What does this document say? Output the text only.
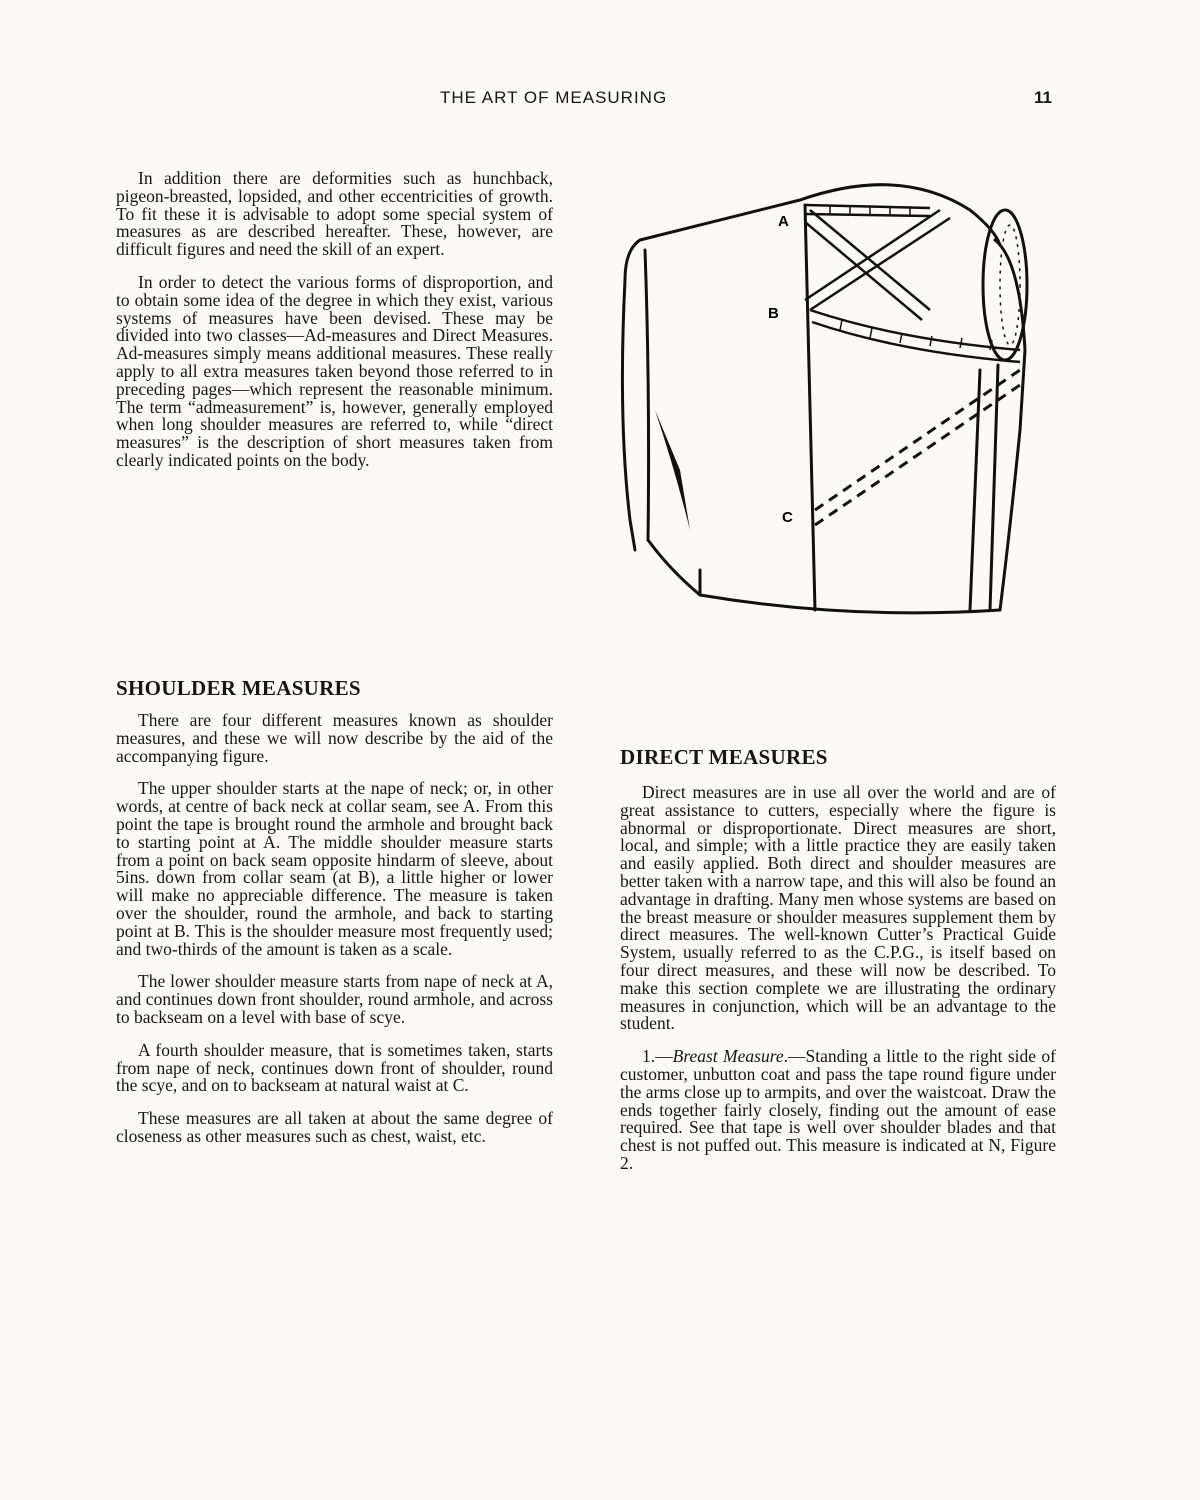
THE ART OF MEASURING	11

In addition there are deformities such as hunchback, pigeon-breasted, lopsided, and other eccentricities of growth. To fit these it is advisable to adopt some special system of measures as are described hereafter. These, however, are difficult figures and need the skill of an expert.

In order to detect the various forms of disproportion, and to obtain some idea of the degree in which they exist, various systems of measures have been devised. These may be divided into two classes—Ad-measures and Direct Measures. Ad-measures simply means additional measures. These really apply to all extra measures taken beyond those referred to in preceding pages—which represent the reasonable minimum. The term “admeasurement” is, however, generally employed when long shoulder measures are referred to, while “direct measures” is the description of short measures taken from clearly indicated points on the body.

A
B
C
SHOULDER MEASURES

There are four different measures known as shoulder measures, and these we will now describe by the aid of the accompanying figure.

The upper shoulder starts at the nape of neck; or, in other words, at centre of back neck at collar seam, see A. From this point the tape is brought round the armhole and brought back to starting point at A. The middle shoulder measure starts from a point on back seam opposite hindarm of sleeve, about 5ins. down from collar seam (at B), a little higher or lower will make no appreciable difference. The measure is taken over the shoulder, round the armhole, and back to starting point at B. This is the shoulder measure most frequently used; and two-thirds of the amount is taken as a scale.

The lower shoulder measure starts from nape of neck at A, and continues down front shoulder, round armhole, and across to backseam on a level with base of scye.

A fourth shoulder measure, that is sometimes taken, starts from nape of neck, continues down front of shoulder, round the scye, and on to backseam at natural waist at C.

These measures are all taken at about the same degree of closeness as other measures such as chest, waist, etc.

DIRECT MEASURES

Direct measures are in use all over the world and are of great assistance to cutters, especially where the figure is abnormal or disproportionate. Direct measures are short, local, and simple; with a little practice they are easily taken and easily applied. Both direct and shoulder measures are better taken with a narrow tape, and this will also be found an advantage in drafting. Many men whose systems are based on the breast measure or shoulder measures supplement them by direct measures. The well-known Cutter’s Practical Guide System, usually referred to as the C.P.G., is itself based on four direct measures, and these will now be described. To make this section complete we are illustrating the ordinary measures in conjunction, which will be an advantage to the student.

1.—Breast Measure.—Standing a little to the right side of customer, unbutton coat and pass the tape round figure under the arms close up to armpits, and over the waistcoat. Draw the ends together fairly closely, finding out the amount of ease required. See that tape is well over shoulder blades and that chest is not puffed out. This measure is indicated at N, Figure 2.
